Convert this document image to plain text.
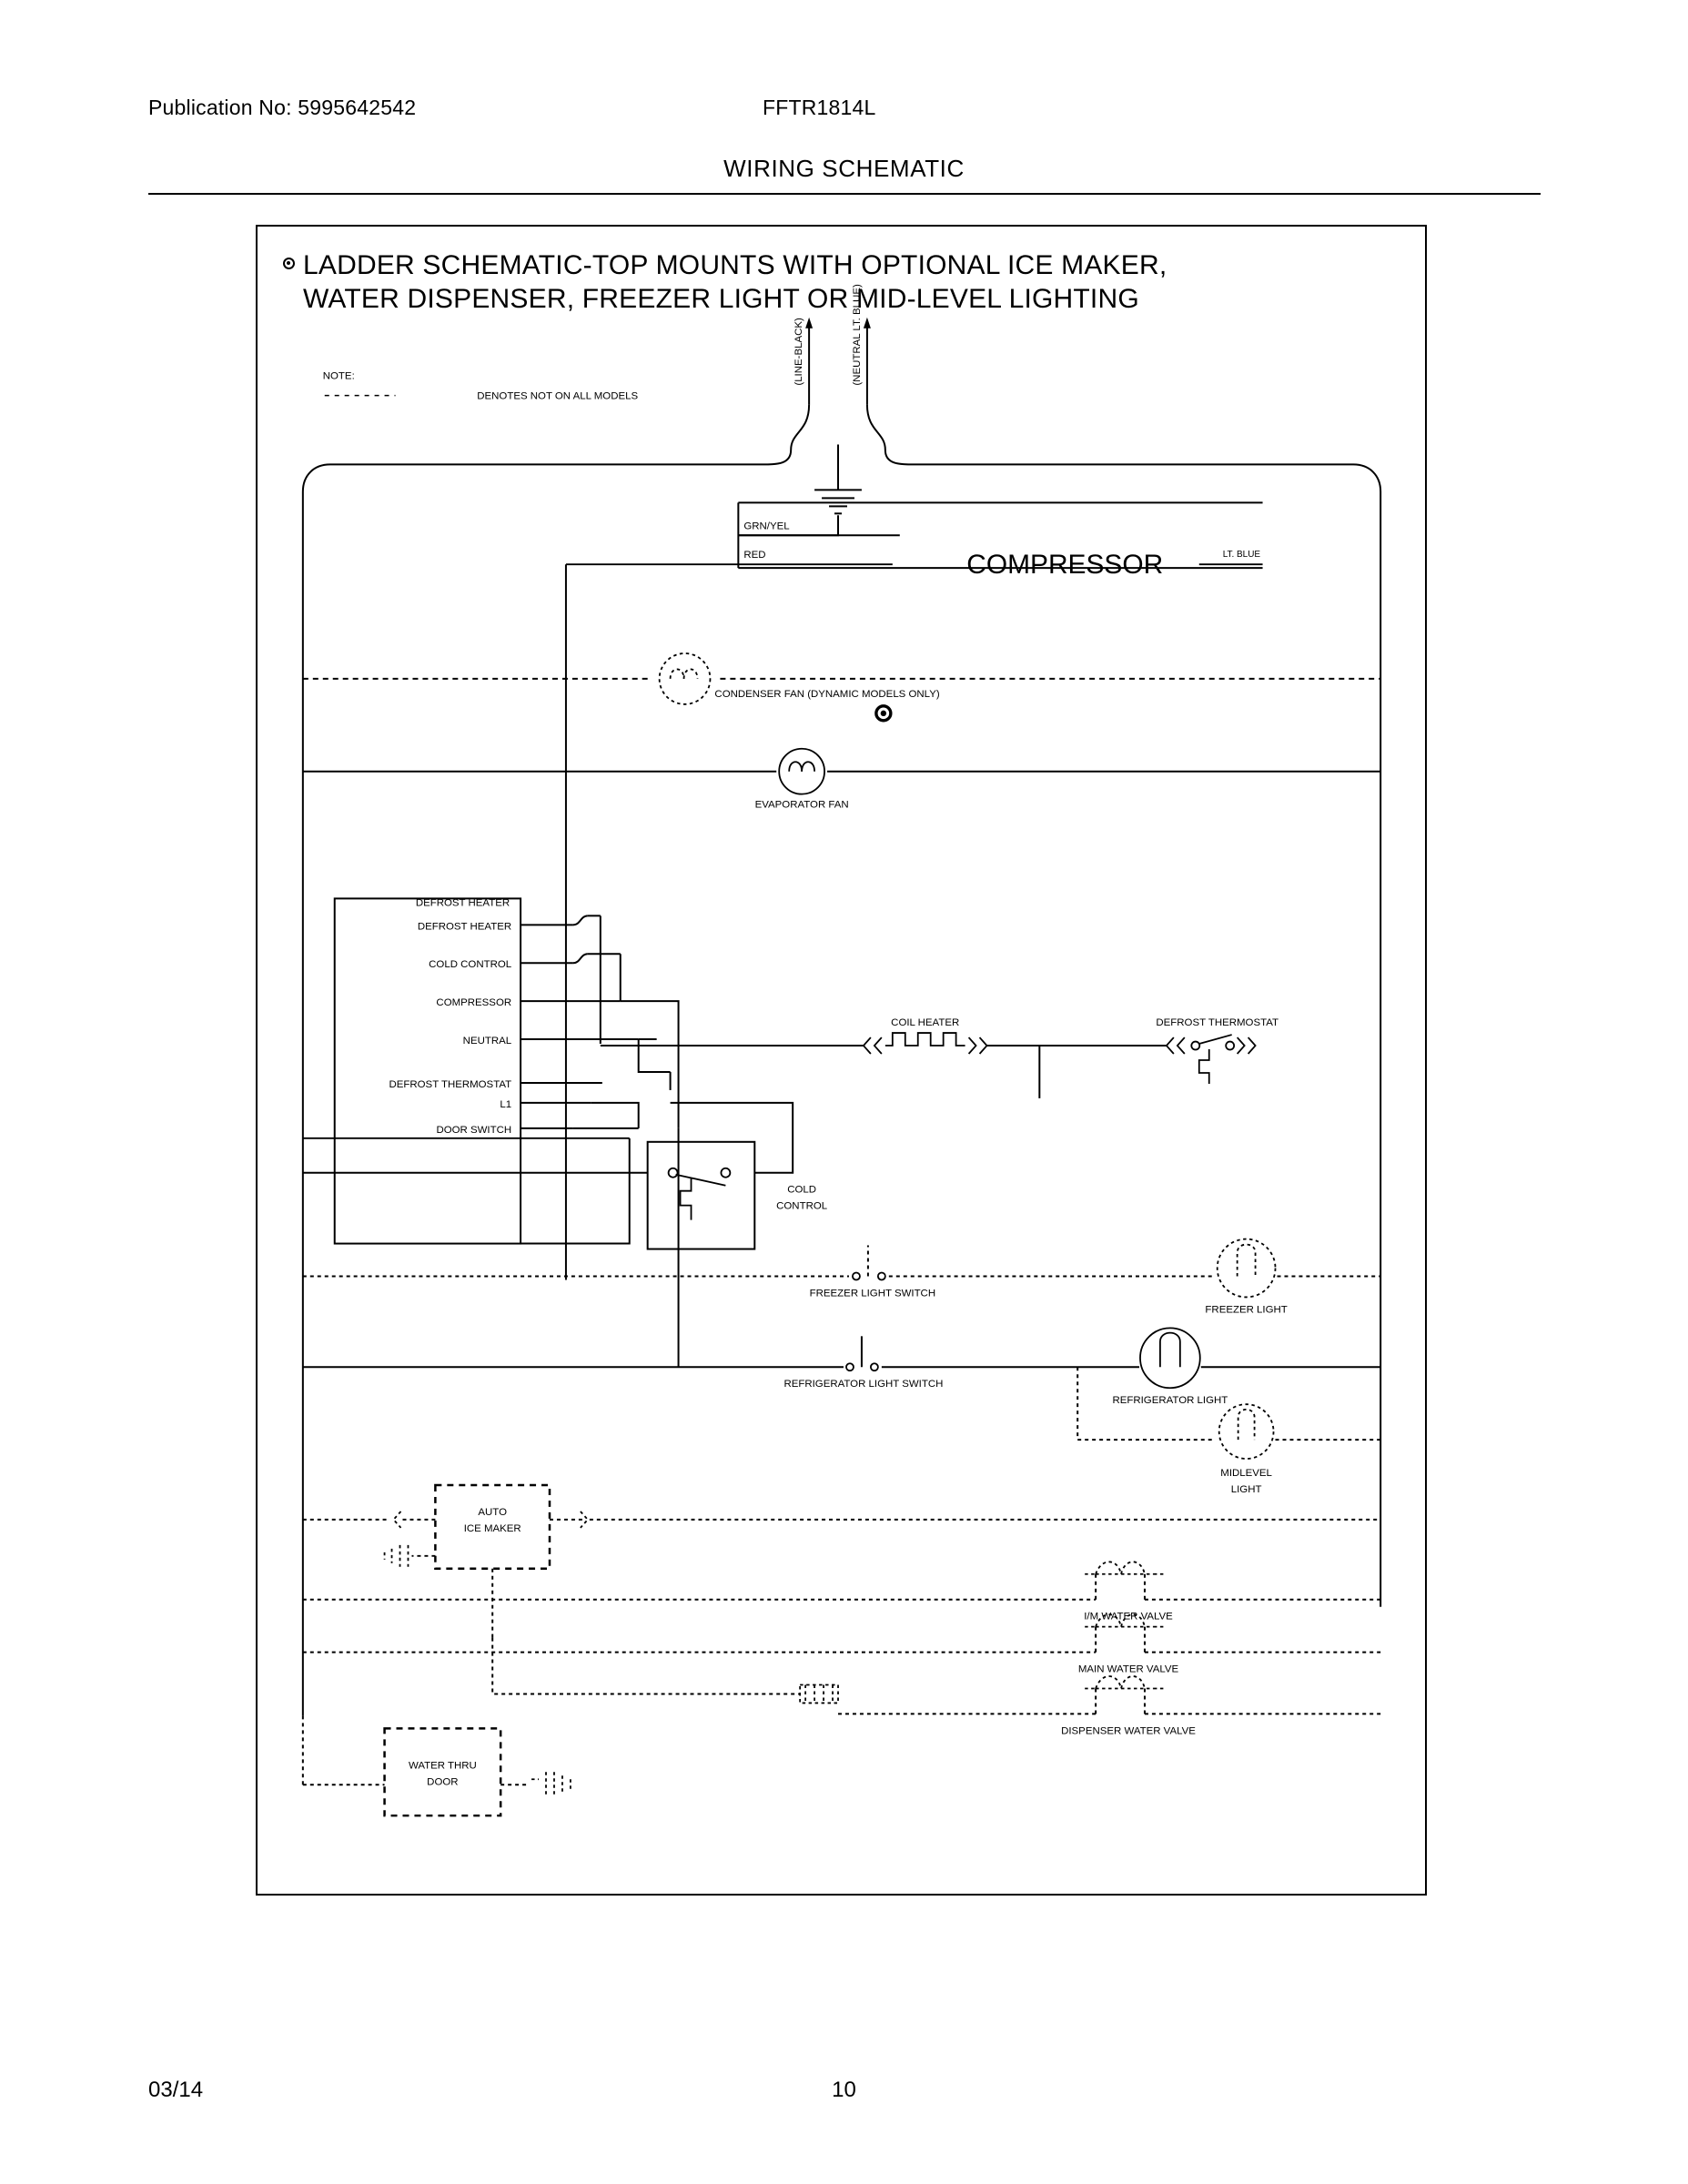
Publication No: 5995642542	FFTR1814L
WIRING SCHEMATIC
LADDER SCHEMATIC-TOP MOUNTS WITH OPTIONAL ICE MAKER,
WATER DISPENSER, FREEZER LIGHT OR MID-LEVEL LIGHTING
NOTE:
DENOTES NOT ON ALL MODELS
(LINE-BLACK)	(NEUTRAL LT. BLUE)
GRN/YEL
RED	COMPRESSOR	LT. BLUE
CONDENSER FAN (DYNAMIC MODELS ONLY)
EVAPORATOR FAN
DEFROST HEATER
DEFROST HEATER
COLD CONTROL
COMPRESSOR
NEUTRAL
DEFROST THERMOSTAT
L1
DOOR SWITCH
COIL HEATER	DEFROST THERMOSTAT
COLD
CONTROL
FREEZER LIGHT SWITCH
FREEZER LIGHT
REFRIGERATOR LIGHT SWITCH
REFRIGERATOR LIGHT
MIDLEVEL
LIGHT
AUTO
ICE MAKER
I/M WATER VALVE
MAIN WATER VALVE
DISPENSER WATER VALVE
WATER THRU
DOOR
03/14	10
